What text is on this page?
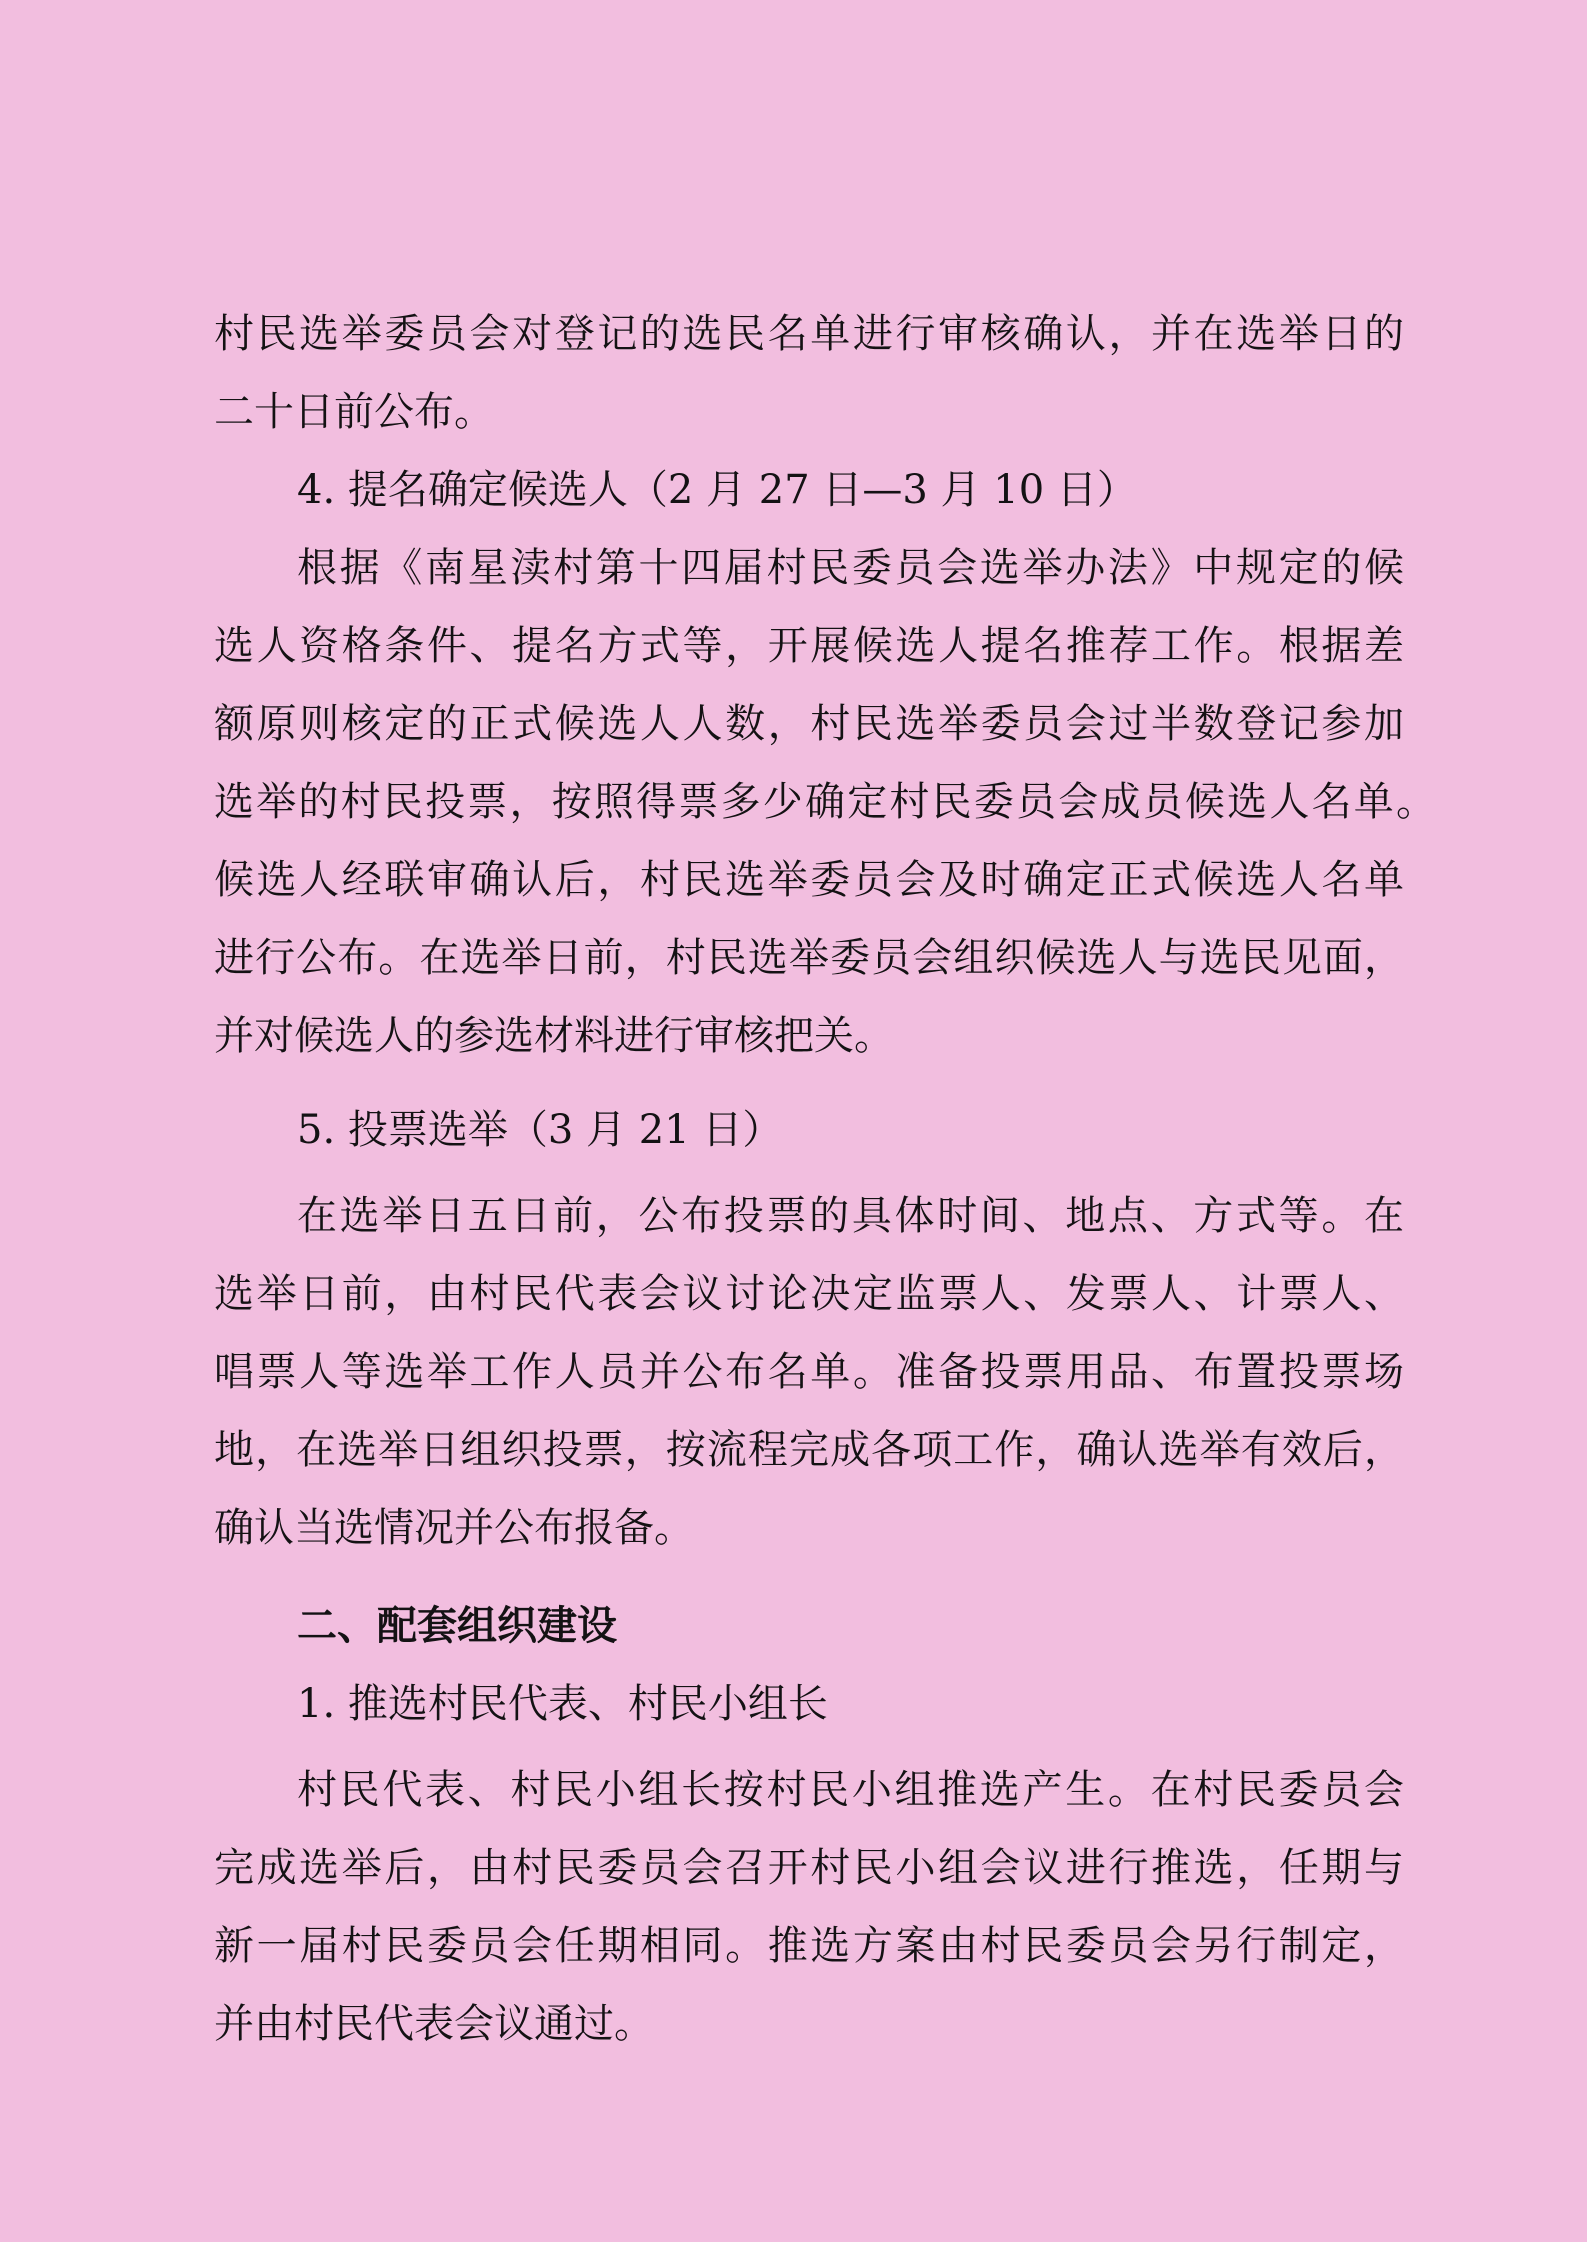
村民选举委员会对登记的选民名单进行审核确认，并在选举日的
二十日前公布。
4. 提名确定候选人（2 月 27 日—3 月 10 日）
根据《南星渎村第十四届村民委员会选举办法》中规定的候
选人资格条件、提名方式等，开展候选人提名推荐工作。根据差
额原则核定的正式候选人人数，村民选举委员会过半数登记参加
选举的村民投票，按照得票多少确定村民委员会成员候选人名单。
候选人经联审确认后，村民选举委员会及时确定正式候选人名单
进行公布。在选举日前，村民选举委员会组织候选人与选民见面，
并对候选人的参选材料进行审核把关。
5. 投票选举（3 月 21 日）
在选举日五日前，公布投票的具体时间、地点、方式等。在
选举日前，由村民代表会议讨论决定监票人、发票人、计票人、
唱票人等选举工作人员并公布名单。准备投票用品、布置投票场
地，在选举日组织投票，按流程完成各项工作，确认选举有效后，
确认当选情况并公布报备。
二、配套组织建设
1. 推选村民代表、村民小组长
村民代表、村民小组长按村民小组推选产生。在村民委员会
完成选举后，由村民委员会召开村民小组会议进行推选，任期与
新一届村民委员会任期相同。推选方案由村民委员会另行制定，
并由村民代表会议通过。
